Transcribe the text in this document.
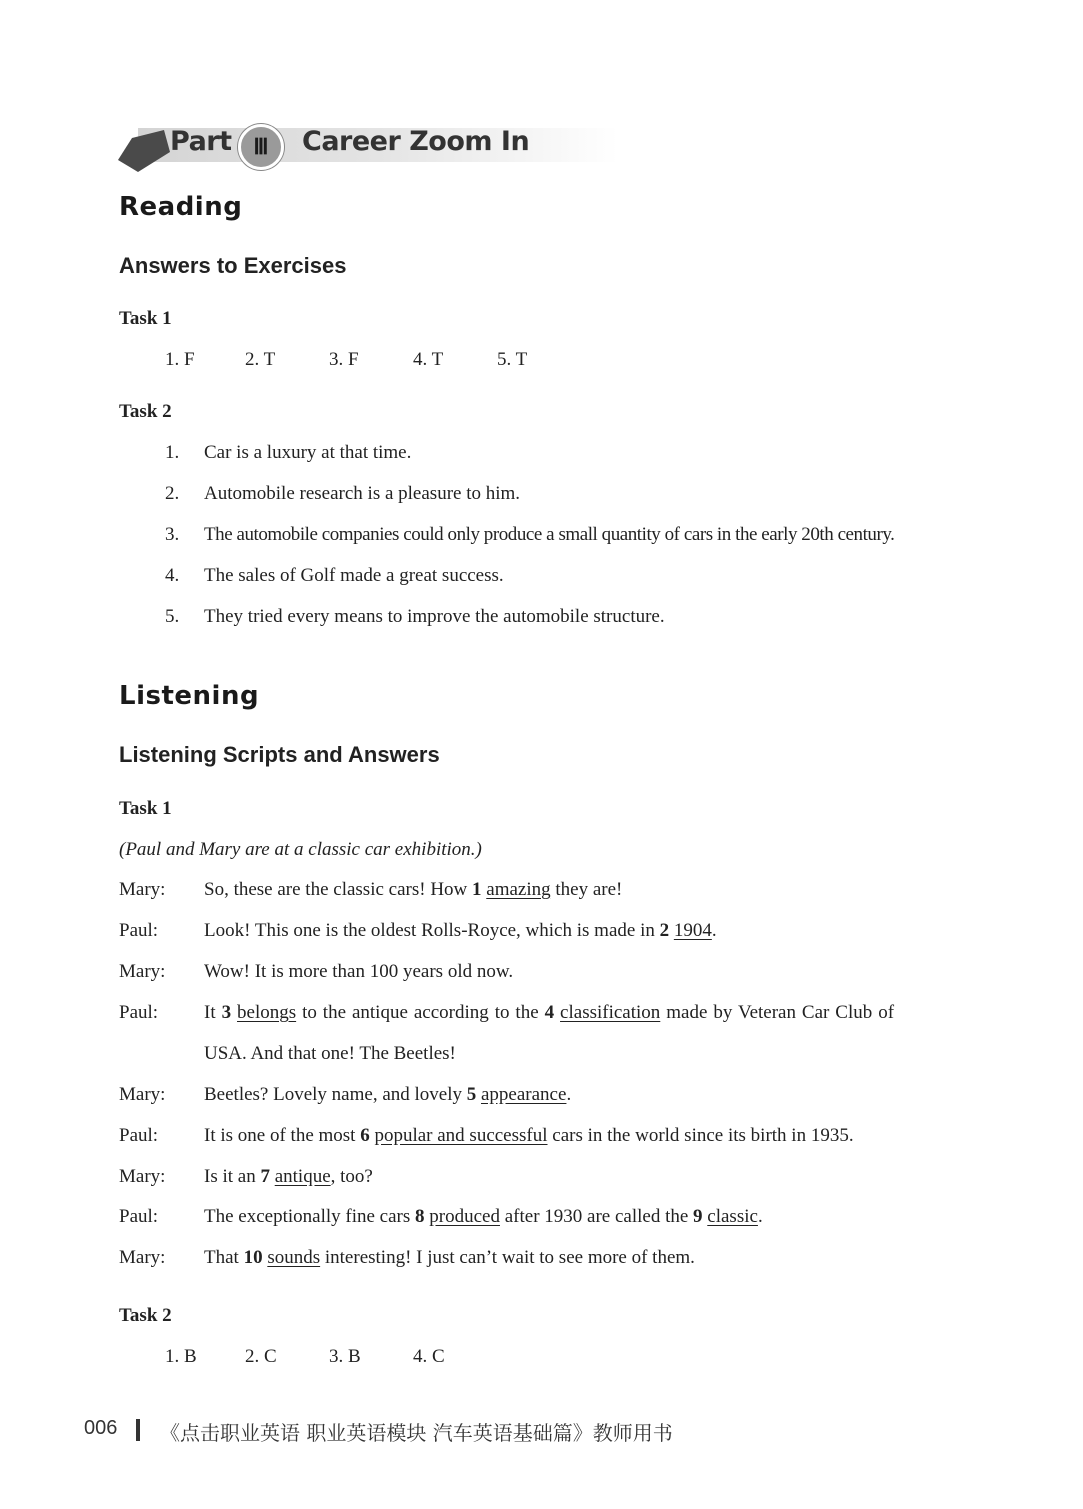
Part Ⅲ	Career Zoom In
Reading
Answers to Exercises
Task 1
1. F	2. T	3. F	4. T	5. T
Task 2
1. Car is a luxury at that time.
2. Automobile research is a pleasure to him.
3. The automobile companies could only produce a small quantity of cars in the early 20th century.
4. The sales of Golf made a great success.
5. They tried every means to improve the automobile structure.
Listening
Listening Scripts and Answers
Task 1
(Paul and Mary are at a classic car exhibition.)
Mary: So, these are the classic cars! How 1 amazing they are!
Paul: Look! This one is the oldest Rolls-Royce, which is made in 2 1904.
Mary: Wow! It is more than 100 years old now.
Paul: It 3 belongs to the antique according to the 4 classification made by Veteran Car Club of
USA. And that one! The Beetles!
Mary: Beetles? Lovely name, and lovely 5 appearance.
Paul: It is one of the most 6 popular and successful cars in the world since its birth in 1935.
Mary: Is it an 7 antique, too?
Paul: The exceptionally fine cars 8 produced after 1930 are called the 9 classic.
Mary: That 10 sounds interesting! I just can’t wait to see more of them.
Task 2
1. B	2. C	3. B	4. C
006 《点击职业英语 职业英语模块 汽车英语基础篇》教师用书
